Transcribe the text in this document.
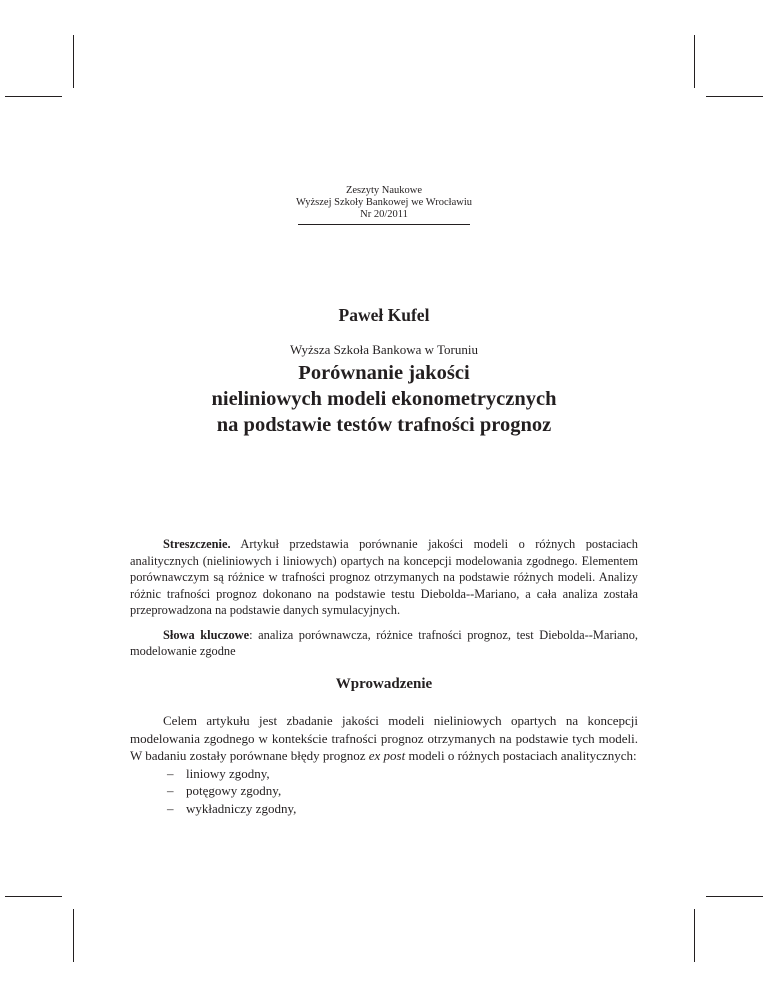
Zeszyty Naukowe
Wyższej Szkoły Bankowej we Wrocławiu
Nr 20/2011
Paweł Kufel
Wyższa Szkoła Bankowa w Toruniu
Porównanie jakości
nieliniowych modeli ekonometrycznych
na podstawie testów trafności prognoz

Streszczenie. Artykuł przedstawia porównanie jakości modeli o różnych postaciach analitycznych (nieliniowych i liniowych) opartych na koncepcji modelowania zgodnego. Elementem porównawczym są różnice w trafności prognoz otrzymanych na podstawie różnych modeli. Analizy różnic trafności prognoz dokonano na podstawie testu Diebolda--Mariano, a cała analiza została przeprowadzona na podstawie danych symulacyjnych.

Słowa kluczowe: analiza porównawcza, różnice trafności prognoz, test Diebolda--Mariano, modelowanie zgodne

Wprowadzenie

Celem artykułu jest zbadanie jakości modeli nieliniowych opartych na koncepcji modelowania zgodnego w kontekście trafności prognoz otrzymanych na podstawie tych modeli. W badaniu zostały porównane błędy prognoz ex post modeli o różnych postaciach analitycznych:

– liniowy zgodny,
– potęgowy zgodny,
– wykładniczy zgodny,
